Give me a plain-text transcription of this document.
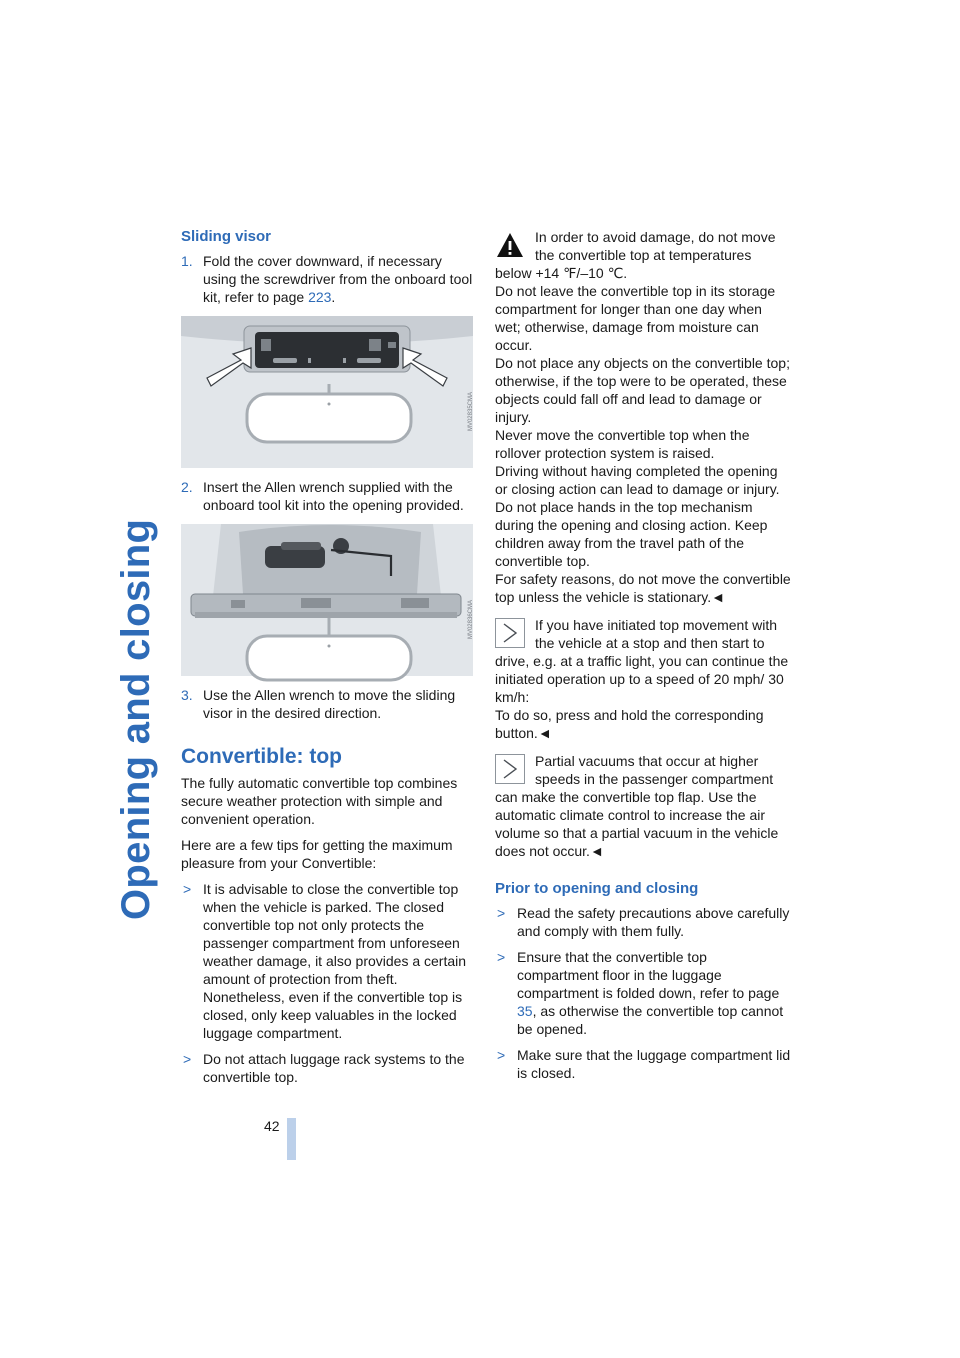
Opening and closing
Sliding visor
1. Fold the cover downward, if necessary using the screwdriver from the onboard tool kit, refer to page 223.
MV02835CMA
2. Insert the Allen wrench supplied with the onboard tool kit into the opening provided.
MV02836CMA
3. Use the Allen wrench to move the sliding visor in the desired direction.
Convertible: top

The fully automatic convertible top combines secure weather protection with simple and convenient operation.

Here are a few tips for getting the maximum pleasure from your Convertible:

> It is advisable to close the convertible top when the vehicle is parked. The closed convertible top not only protects the passenger compartment from unforeseen weather damage, it also provides a certain amount of protection from theft. Nonetheless, even if the convertible top is closed, only keep valuables in the locked luggage compartment.
> Do not attach luggage rack systems to the convertible top.

In order to avoid damage, do not move the convertible top at temperatures below +14 ℉/–10 ℃.

Do not leave the convertible top in its storage compartment for longer than one day when wet; otherwise, damage from moisture can occur.

Do not place any objects on the convertible top; otherwise, if the top were to be operated, these objects could fall off and lead to damage or injury.

Never move the convertible top when the rollover protection system is raised.

Driving without having completed the opening or closing action can lead to damage or injury. Do not place hands in the top mechanism during the opening and closing action. Keep children away from the travel path of the convertible top.

For safety reasons, do not move the convertible top unless the vehicle is stationary.◄

If you have initiated top movement with the vehicle at a stop and then start to drive, e.g. at a traffic light, you can continue the initiated operation up to a speed of 20 mph/ 30 km/h:

To do so, press and hold the corresponding button.◄

Partial vacuums that occur at higher speeds in the passenger compartment can make the convertible top flap. Use the automatic climate control to increase the air volume so that a partial vacuum in the vehicle does not occur.◄

Prior to opening and closing
> Read the safety precautions above carefully and comply with them fully.
> Ensure that the convertible top compartment floor in the luggage compartment is folded down, refer to page 35, as otherwise the convertible top cannot be opened.
> Make sure that the luggage compartment lid is closed.
42
